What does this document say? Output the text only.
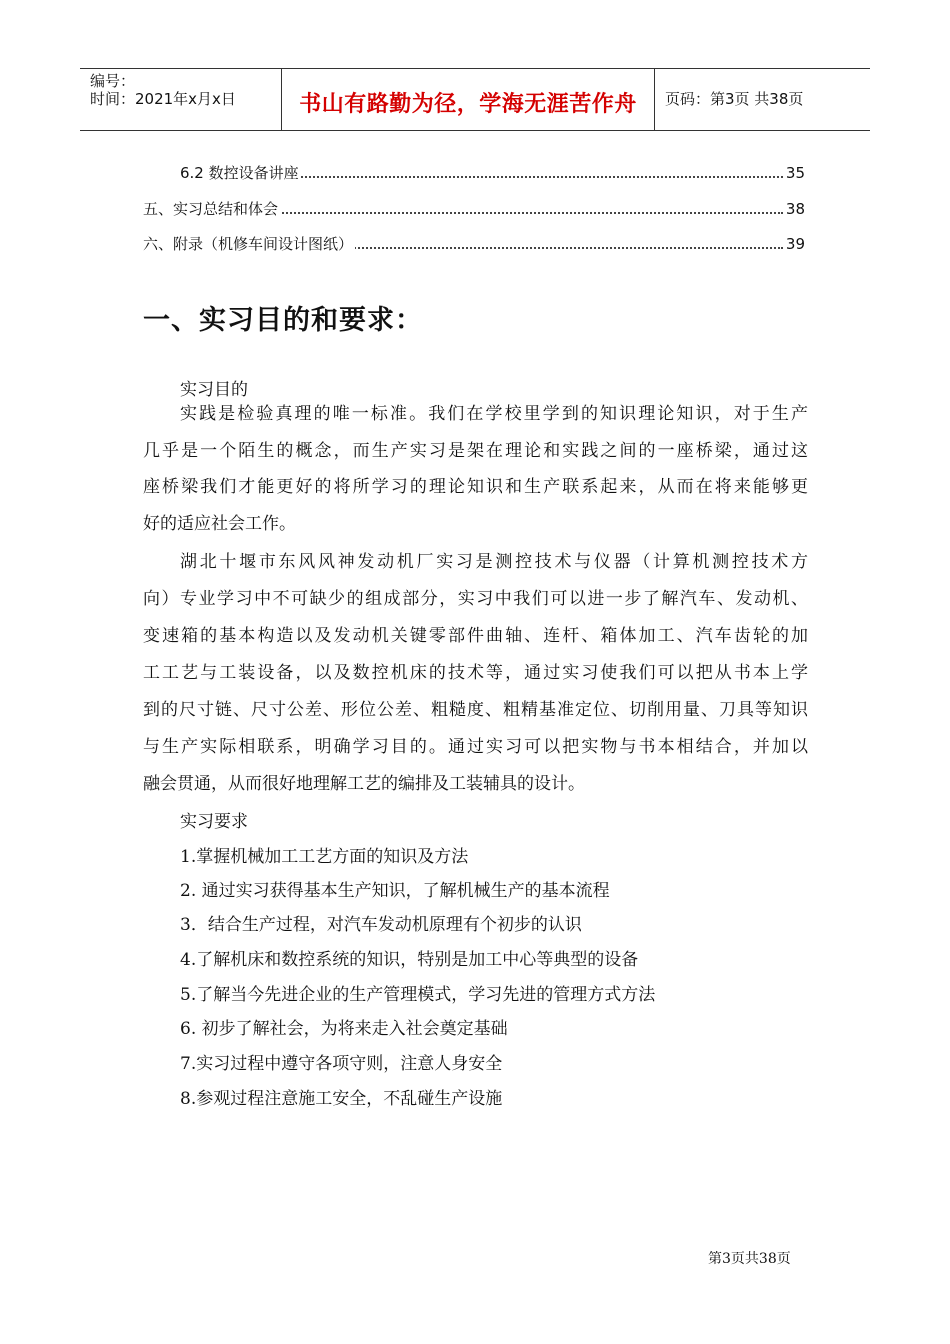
编号：
时间：2021年x月x日	书山有路勤为径，学海无涯苦作舟	页码：第3页 共38页
6.2 数控设备讲座	35
五、实习总结和体会	38
六、附录（机修车间设计图纸）	39
一、实习目的和要求：
实习目的
实践是检验真理的唯一标准。我们在学校里学到的知识理论知识，对于生产
几乎是一个陌生的概念，而生产实习是架在理论和实践之间的一座桥梁，通过这
座桥梁我们才能更好的将所学习的理论知识和生产联系起来，从而在将来能够更
好的适应社会工作。
湖北十堰市东风风神发动机厂实习是测控技术与仪器（计算机测控技术方
向）专业学习中不可缺少的组成部分，实习中我们可以进一步了解汽车、发动机、
变速箱的基本构造以及发动机关键零部件曲轴、连杆、箱体加工、汽车齿轮的加
工工艺与工装设备，以及数控机床的技术等，通过实习使我们可以把从书本上学
到的尺寸链、尺寸公差、形位公差、粗糙度、粗精基准定位、切削用量、刀具等知识
与生产实际相联系，明确学习目的。通过实习可以把实物与书本相结合，并加以
融会贯通，从而很好地理解工艺的编排及工装辅具的设计。
实习要求
1.掌握机械加工工艺方面的知识及方法
2. 通过实习获得基本生产知识，了解机械生产的基本流程
3．结合生产过程，对汽车发动机原理有个初步的认识
4.了解机床和数控系统的知识，特别是加工中心等典型的设备
5.了解当今先进企业的生产管理模式，学习先进的管理方式方法
6. 初步了解社会，为将来走入社会奠定基础
7.实习过程中遵守各项守则，注意人身安全
8.参观过程注意施工安全，不乱碰生产设施
第3页共38页
